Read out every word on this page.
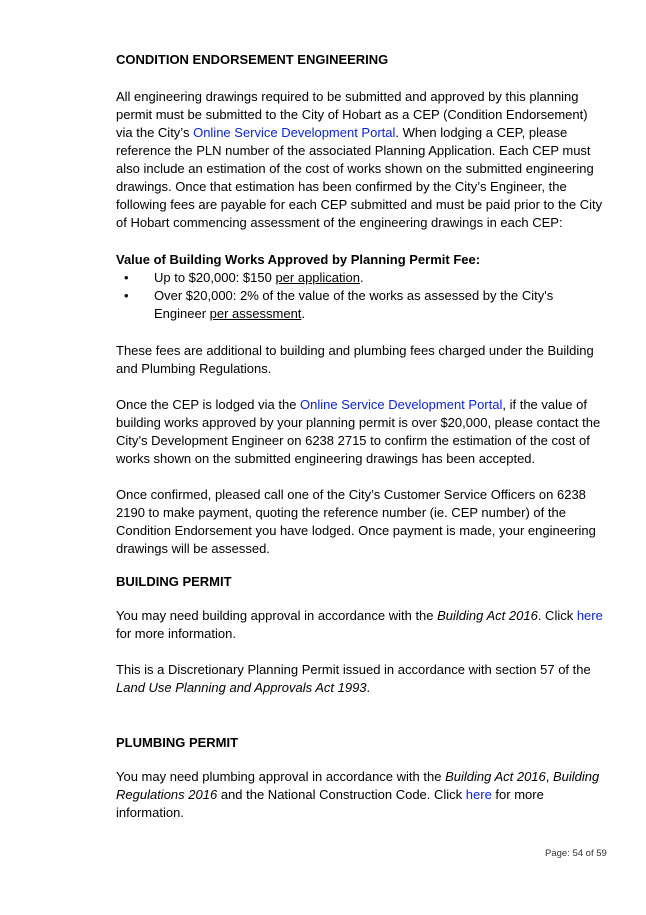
CONDITION ENDORSEMENT ENGINEERING

All engineering drawings required to be submitted and approved by this planning permit must be submitted to the City of Hobart as a CEP (Condition Endorsement) via the City’s Online Service Development Portal. When lodging a CEP, please reference the PLN number of the associated Planning Application. Each CEP must also include an estimation of the cost of works shown on the submitted engineering drawings. Once that estimation has been confirmed by the City’s Engineer, the following fees are payable for each CEP submitted and must be paid prior to the City of Hobart commencing assessment of the engineering drawings in each CEP:

Value of Building Works Approved by Planning Permit Fee:

• Up to $20,000: $150 per application.
• Over $20,000: 2% of the value of the works as assessed by the City's Engineer per assessment.

These fees are additional to building and plumbing fees charged under the Building and Plumbing Regulations.

Once the CEP is lodged via the Online Service Development Portal, if the value of building works approved by your planning permit is over $20,000, please contact the City’s Development Engineer on 6238 2715 to confirm the estimation of the cost of works shown on the submitted engineering drawings has been accepted.

Once confirmed, pleased call one of the City’s Customer Service Officers on 6238 2190 to make payment, quoting the reference number (ie. CEP number) of the Condition Endorsement you have lodged. Once payment is made, your engineering drawings will be assessed.

BUILDING PERMIT

You may need building approval in accordance with the Building Act 2016. Click here for more information.

This is a Discretionary Planning Permit issued in accordance with section 57 of the Land Use Planning and Approvals Act 1993.

PLUMBING PERMIT

You may need plumbing approval in accordance with the Building Act 2016, Building Regulations 2016 and the National Construction Code. Click here for more information.

Page: 54 of 59
